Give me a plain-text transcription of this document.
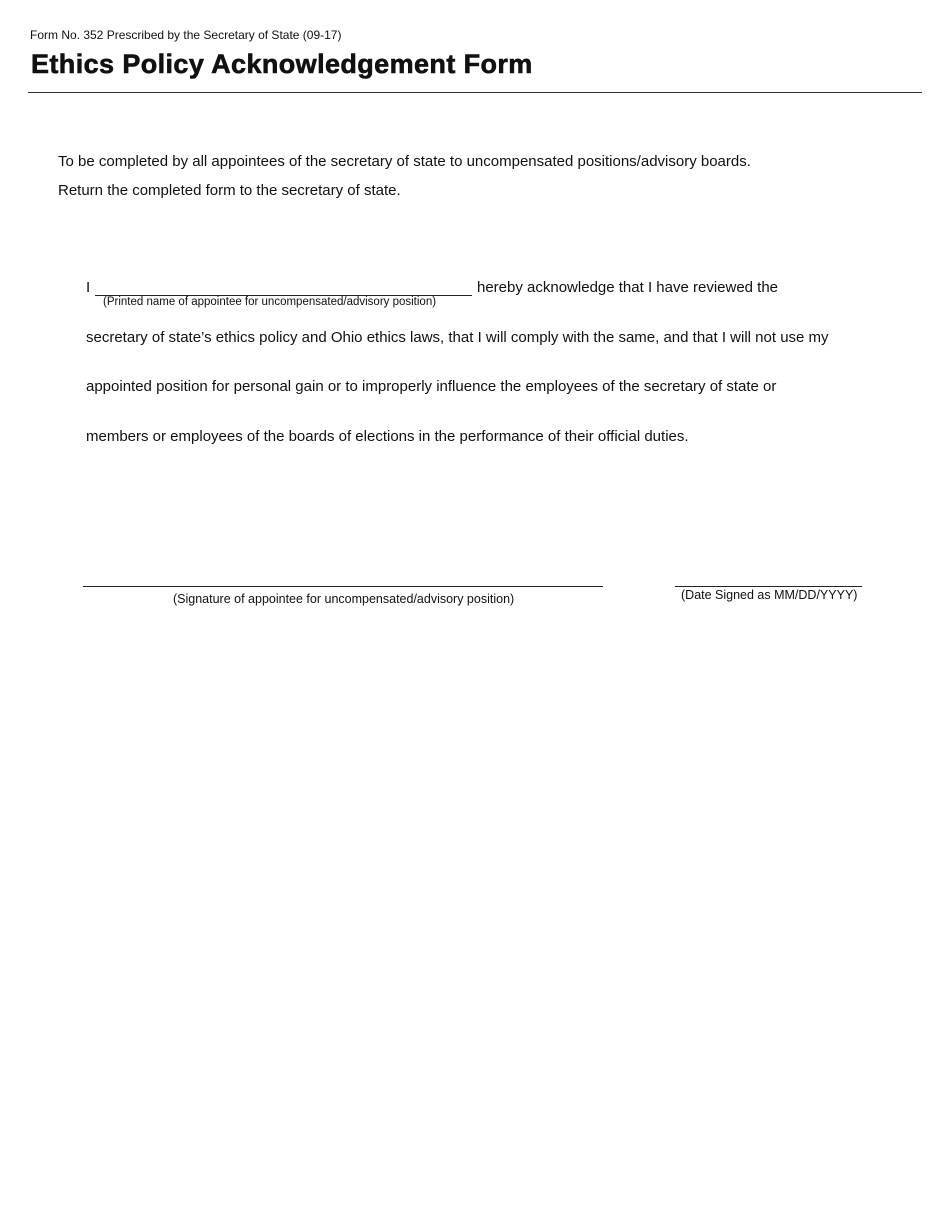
Form No. 352 Prescribed by the Secretary of State (09-17)
Ethics Policy Acknowledgement Form
To be completed by all appointees of the secretary of state to uncompensated positions/advisory boards.
Return the completed form to the secretary of state.
I	hereby acknowledge that I have reviewed the
(Printed name of appointee for uncompensated/advisory position)
secretary of state’s ethics policy and Ohio ethics laws, that I will comply with the same, and that I will not use my
appointed position for personal gain or to improperly influence the employees of the secretary of state or
members or employees of the boards of elections in the performance of their official duties.
(Signature of appointee for uncompensated/advisory position)	(Date Signed as MM/DD/YYYY)
